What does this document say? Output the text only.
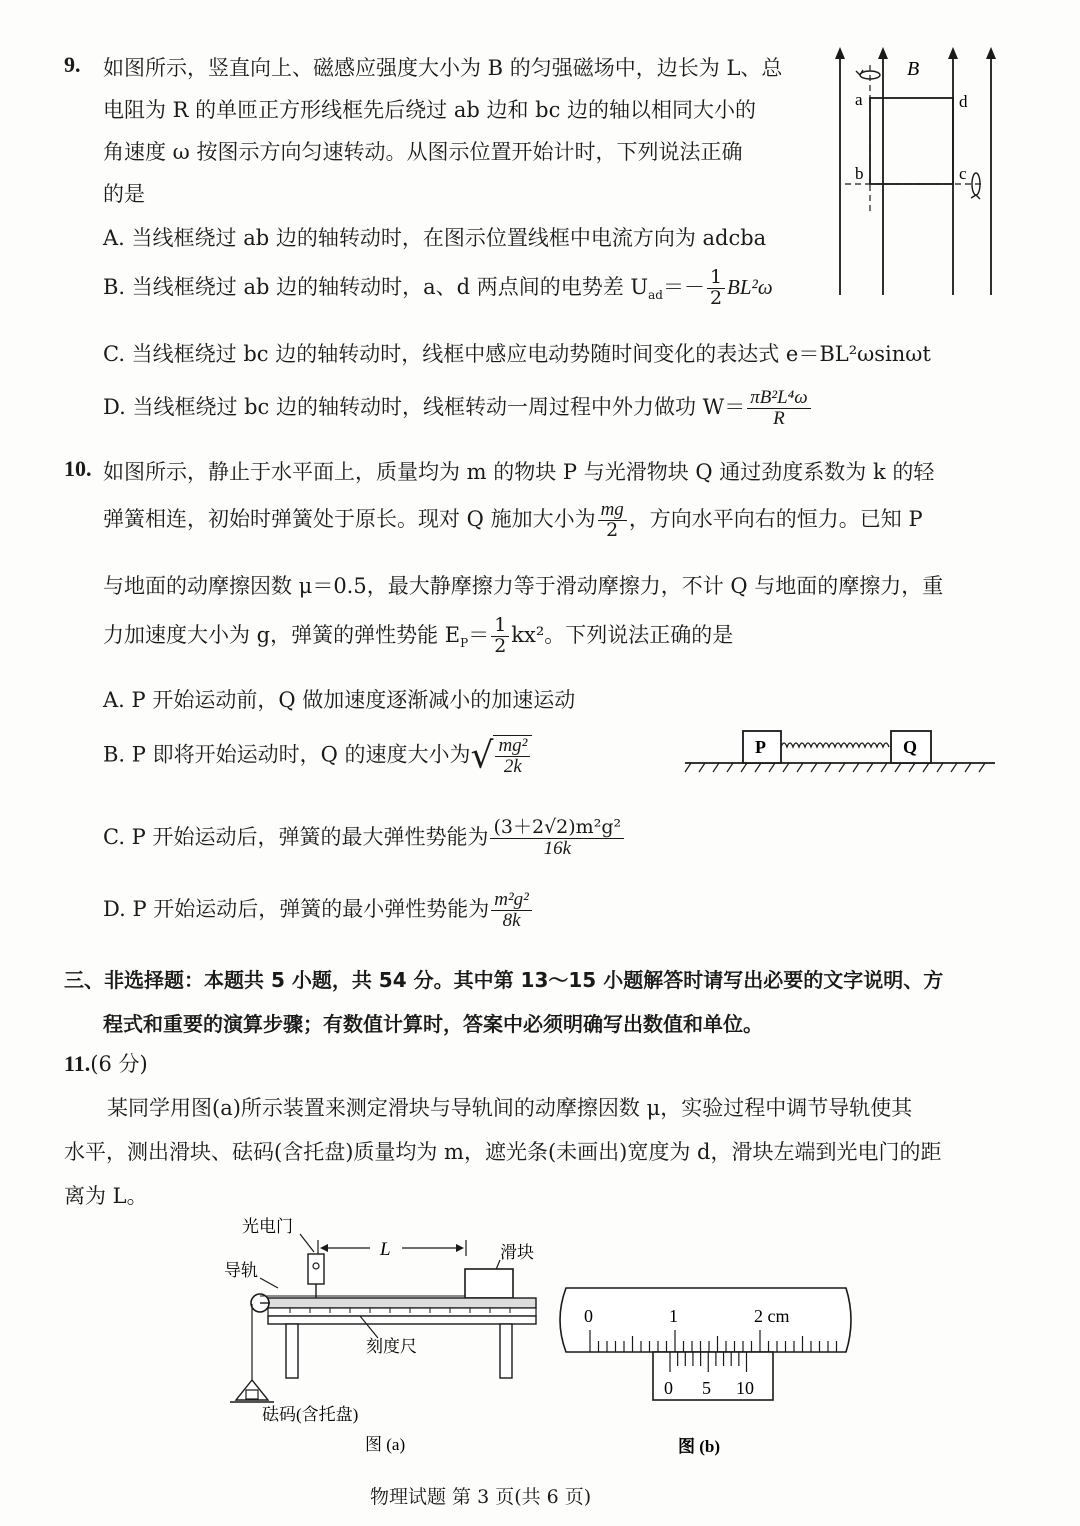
9. 如图所示，竖直向上、磁感应强度大小为 B 的匀强磁场中，边长为 L、总
电阻为 R 的单匝正方形线框先后绕过 ab 边和 bc 边的轴以相同大小的
角速度 ω 按图示方向匀速转动。从图示位置开始计时，下列说法正确
的是
A. 当线框绕过 ab 边的轴转动时，在图示位置线框中电流方向为 adcba
B. 当线框绕过 ab 边的轴转动时，a、d 两点间的电势差 $U_{ad}=- \frac{1}{2} BL^2\omega$
C. 当线框绕过 bc 边的轴转动时，线框中感应电动势随时间变化的表达式 e＝BL²ωsinωt
D. 当线框绕过 bc 边的轴转动时，线框转动一周过程中外力做功 $W= \frac{\text{πB²L⁴ω}}{R}$
B
a	d
b	c
10. 如图所示，静止于水平面上，质量均为 m 的物块 P 与光滑物块 Q 通过劲度系数为 k 的轻
弹簧相连，初始时弹簧处于原长。现对 Q 施加大小为 $\frac{mg}{2}$ ，方向水平向右的恒力。已知 P
与地面的动摩擦因数 μ＝0.5，最大静摩擦力等于滑动摩擦力，不计 Q 与地面的摩擦力，重
力加速度大小为 g，弹簧的弹性势能 $E_P= \frac{1}{2} kx^2$。下列说法正确的是
A. P 开始运动前，Q 做加速度逐渐减小的加速运动
B. P 即将开始运动时，Q 的速度大小为√ $\frac{\text{mg²}}{2k}$
C. P 开始运动后，弹簧的最大弹性势能为 $\frac{\text{(3＋2√2)m²g²}}{16k}$
D. P 开始运动后，弹簧的最小弹性势能为 $\frac{\text{m²g²}}{8k}$
P	Q
三、非选择题：本题共 5 小题，共 54 分。其中第 13～15 小题解答时请写出必要的文字说明、方
程式和重要的演算步骤；有数值计算时，答案中必须明确写出数值和单位。
11.(6 分)
某同学用图(a)所示装置来测定滑块与导轨间的动摩擦因数 μ，实验过程中调节导轨使其
水平，测出滑块、砝码(含托盘)质量均为 m，遮光条(未画出)宽度为 d，滑块左端到光电门的距
离为 L。
光电门
导轨
滑块
L
刻度尺
砝码(含托盘)
图 (a)
0	1	2 cm
0 5 10
图 (b)
物理试题 第 3 页(共 6 页)
